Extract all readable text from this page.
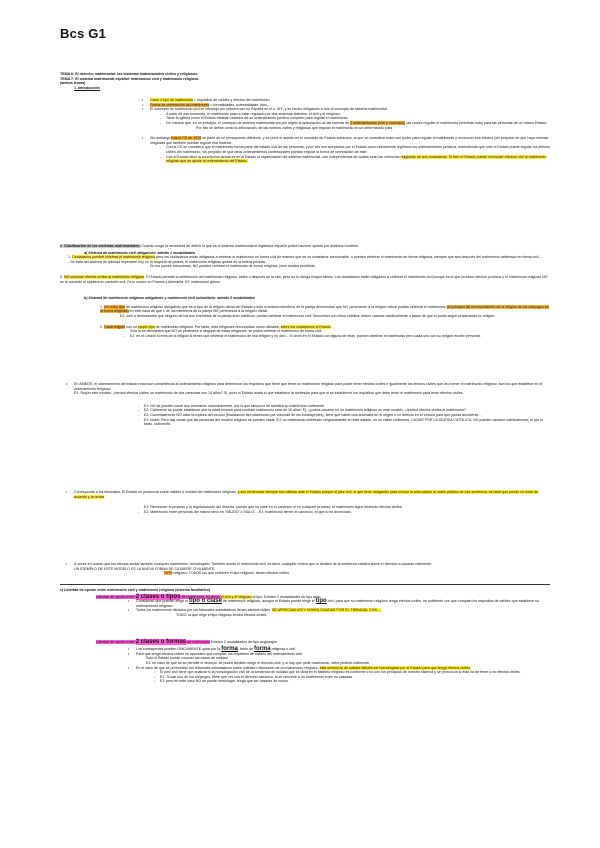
Bcs G1

TEMA 6: El derecho matrimonial: los sistemas matrimoniales civiles y religiosos.

TEMA 7: El sistema matrimonial español: matrimonio civil y matrimonio religioso.

(ambos temas)

1. Introducción

• Clase o tipo de matrimonio = requisitos de validez y efectos del matrimonio.

• Forma de celebración del matrimonio = formalidades, solemnidades, ritos...

• El concepto de matrimonio civil se introdujo por primera vez en España en el s. XIX, y es hecho obligatorio a raíz el concepto de sistema matrimonial.

- A partir de ese momento, el matrimonio pasó a estar regulado por dos sistemas distintos: el civil y el religioso.

- Tanto la Iglesia como el Estado estaban dotados de un ordenamiento jurídico completo para regular el matrimonio.

- De manera que, en un principio, el concepto de sistema matrimonial era por objeto la articulación de las normas de 2 ordenamientos (civil y canónico), las cuales regulan el matrimonio (mientras más) para las personas de un mismo Estado.

Por ello se define como la articulación, de las normas civiles y religiosas que regulan el matrimonio en un determinado país.

• Sin embargo tras la CE de 1978 se parte de un presupuesto diferente, y se pone el acento en el concepto de Estado soberano, al que se considera único con poder para regular el matrimonio y reconocer sus efectos (sin perjuicio de que haya normas religiosas que también puedan regular esa materia.

- Con la CE se considera que el matrimonio forma parte del estado civil de las personas, y por ello son aceptados por el Estado como únicamente legítimos los ordenamientos jurídicos, entendiendo que sólo el Estado puede regular los efectos civiles del matrimonio, sin perjuicio de que otros ordenamientos confesionales puedan regular la forma de celebración de este.

- Con el Estado laico la concepción actual es en el Estado la organización del sistema matrimonial, con independencia de cuáles sean las creencias religiosas de sus ciudadanos. Si bien el Estado puede reconocer eficacia civil al matrimonio religioso que se ajuste al ordenamiento del Estado.

2. Clasificación de los sistemas matrimoniales: Cuando surge la necesidad de definir lo que es el sistema matrimonial el legislador español podrá hacerse optado por distintos modelos.

a) Sistema de matrimonio civil obligatorio: admite 2 modalidades

1. Ciudadanos pueden celebrar el matrimonio religioso pero los ciudadanos están obligados a celebrar el matrimonio en forma civil de manera que se va considerar sancionable, o pueden celebrar el matrimonio en forma religiosa, siempre que sea después del matrimonio celebrado en forma civil...

- Se trata del sistema de laicidad imperante hoy en la mayoría de países, el matrimonio religioso queda en la esfera privada.

En los países comunistas, NO pueden celebrar el matrimonio de forma religiosa, pues estaba prohibido.

2. NO concede efectos civiles al matrimonio religioso. El Estado permite la celebración del matrimonio religioso, antes o después de la civil, pero no lo otorga ningún efecto. Los ciudadanos están obligados a celebrar el matrimonio civil porque es el que produce efectos jurídicos y el matrimonio religioso NO se le concede ni siquiera su carácter civil. Es lo ocurre en Francia y Alemania. EJ: matrimonio gitano

b) Sistema de matrimonio religioso obligatorio y matrimonio civil subsidiario: admite 2 modalidades

1. Un único tipo de matrimonio religioso obligatorio que es el tipo de la religión oficial del Estado y sólo si ambos miembros de la pareja demuestran que NO pertenecen a la religión oficial podrán celebrar el matrimonio (el principio de reconocimiento de la religión de los cónyuges en la forma religiosa) en este caso de que 1 de los miembros de la pareja NO pertenezca a la religión oficial.

EJ: sólo a demostrarse que ninguno de los dos miembros de la pareja eran católicos, podían celebrar el matrimonio civil. Musulmán con chica católica: deben casarse católicamente o pasar de que el podía seguir practicando su religión.

2. Cada religión con su propio tipo de matrimonio religioso. Por tanto, esta religiones reconocidas como oficiales, sobre los ciudadanos el Estado.

- Solo si se demuestra que NO se pertenece a ninguna de estas religiones, se podrá celebrar el matrimonio de forma civil.

- EJ: en el Líbano si eres de la religión A tienes que celebrar el matrimonio de esa religión y no otro... Si vives en el Estado con alguna de ellas, pueden celebrar el matrimonio pero cada uno con su religión escrito personal.

• En AMBOS, el ordenamiento del estado reconoce competencia al ordenamiento religioso para determinar los requisitos que tiene que tener un matrimonio religioso para poder tener efectos civiles e igualmente los efectos civiles que va a tener el matrimonio religioso, son los que establece en el ordenamiento religioso.

EJ: Según este modelo, ¿tendrá efectos civiles un matrimonio de dos personas con 14 años? Sí, pues el Estado acata lo que establece la confesión para que si se establecen los requisitos que debe tener el matrimonio para tener efectos civiles.

- EJ: NO se pueden casar dos hermanos canónicamente, por lo que tampoco se admitirá su matrimonio civilmente.

- EJ: Civilmente se puede establecer que la edad mínima para contraer matrimonio será de 16 años. Ej: ¿podría casarse en un matrimonio religioso en este modelo, ¿tendría efectos civiles el matrimonio?

- EJ: Canónicamente NO cabe la ruptura del vínculo (finalización del matrimonio por voluntad de los contrayentes), tiene que haber una anomalía en el origen o un defecto en el vínculo para que pueda disolverse...

- EJ: Israel: Pero hay cosas que las personas del modelo religioso se pueden casar. EJ: un matrimonio celebrado religiosamente en este estado, no es válido civilmente. CASAR POR LA IGLESIA CATÓLICA: NO pueden casarse católicamente, ni por lo tanto, civilmente.

• Corresponde a los tribunales. El Estado se pronuncia sobre validez o nulidad del matrimonio religioso. y sus sentencias siempre son válidas ante el Estado porque el juez civil, si que tiene obligación para revisar la adecuación al orden público de esa sentencia, es decir que puede no estar de acuerdo y la revisa.

- EJ: Reconocer el proceso y la regularización del divorcio, puesto que no cabe en el canónico ni en cualquier proceso, el matrimonio sigue teniendo efectos civiles.

- EJ: Matrimonio entre personas del mismo sexo en 'VÁLIDO' o 'NULO'... EJ: matrimonio tienen el canónico, el que lo ha divorciado.

• A veces en cuanto que los efectos anular también cualquier matrimonio, homologarlo. También anular el matrimonio civil, es decir, cualquier motivo que lo declare de la sentencia católica anule el derecho a casarse civilmente.

UN EJEMPLO DE ESTE MODELO ES LA NUEVA FORMA DE CASARSE CIVILMENTE.

TIPO religioso: TODOS los que celebren el tipo religioso, tienen efectos civiles.

c) Libertad de opción entre matrimonio civil y matrimonio religioso (sistema facultativo)

Libertad de opción entre 2 clases o tipos de matrimonio, es decir: el civil y el religioso el tipo. Existen 2 modalidades de tipo laico

• Consideran que puedan elegir el tipo o clase de matrimonio religioso, aunque el Estado puede elegir el tipo civil, para que su matrimonio religioso tenga efectos civiles, es suficiente con que cumplan los requisitos de validez que establece su ordenamiento religioso.

• Todos los matrimonios dictados por los tribunales eclesiásticos tienen efectos civiles. SE APRECIAN ASÍ Y HOMOLOGADAS POR EL TRIBUNAL CIVIL...

TODO: la que elige el tipo religioso tendrá efectos civiles.

Libertad de opción entre 2 clases o formas de matrimonio Existen 2 modalidades de tipo anglosajón

• Los contrayentes pueden ÚNICAMENTE optar por la forma, tanto de forma religiosa o civil.

• Para que tenga efectos civiles es necesario que cumplan los requisitos de validez del ordenamiento civil.

Solo el Estado puede conocer los casos de nulidad.

EJ: en caso de que no se permite el divorcio, se podrá también elegir el divorcio civil, y si hay que pedir matrimonio, debe pedirse civilmente.

• En el caso de que se pronuncien los tribunales eclesiásticos sobre nulidad o disolución de un matrimonio religioso, ésta sentencia de nulidad deberá ser homologada por el Estado para que tenga efectos civiles.

◦ El juez civil tiene que analizar si la homologación civil de la sentencia de nulidad que se dicta en el sistema religioso es conforme o no con los principios de nuestro sistema y se pronuncia si ésta ha de tener o no efectos civiles.

◦ EJ: Si cae uno de los cónyuges, tiene que ver con el derecho canónico, si se concede a un matrimonio entre no casadas.

◦ EJ: pero en este caso NO se puede homologar, tenga que ser casarse de nuevo.
